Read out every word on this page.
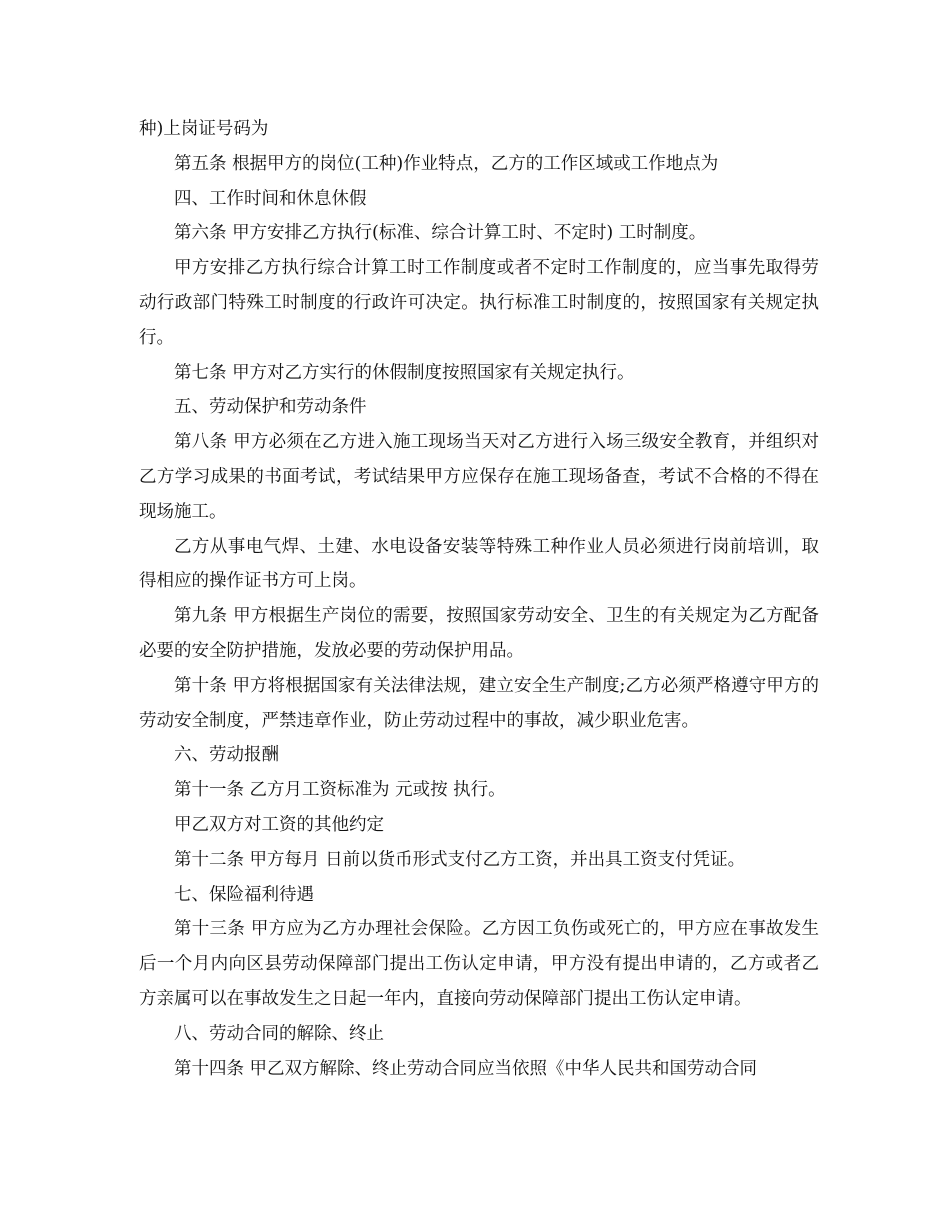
种)上岗证号码为

第五条 根据甲方的岗位(工种)作业特点，乙方的工作区域或工作地点为

四、工作时间和休息休假

第六条 甲方安排乙方执行(标准、综合计算工时、不定时) 工时制度。

甲方安排乙方执行综合计算工时工作制度或者不定时工作制度的，应当事先取得劳动行政部门特殊工时制度的行政许可决定。执行标准工时制度的，按照国家有关规定执行。

第七条 甲方对乙方实行的休假制度按照国家有关规定执行。

五、劳动保护和劳动条件

第八条 甲方必须在乙方进入施工现场当天对乙方进行入场三级安全教育，并组织对乙方学习成果的书面考试，考试结果甲方应保存在施工现场备查，考试不合格的不得在现场施工。

乙方从事电气焊、土建、水电设备安装等特殊工种作业人员必须进行岗前培训，取得相应的操作证书方可上岗。

第九条 甲方根据生产岗位的需要，按照国家劳动安全、卫生的有关规定为乙方配备必要的安全防护措施，发放必要的劳动保护用品。

第十条 甲方将根据国家有关法律法规，建立安全生产制度;乙方必须严格遵守甲方的劳动安全制度，严禁违章作业，防止劳动过程中的事故，减少职业危害。

六、劳动报酬

第十一条 乙方月工资标准为 元或按 执行。

甲乙双方对工资的其他约定

第十二条 甲方每月 日前以货币形式支付乙方工资，并出具工资支付凭证。

七、保险福利待遇

第十三条 甲方应为乙方办理社会保险。乙方因工负伤或死亡的，甲方应在事故发生后一个月内向区县劳动保障部门提出工伤认定申请，甲方没有提出申请的，乙方或者乙方亲属可以在事故发生之日起一年内，直接向劳动保障部门提出工伤认定申请。

八、劳动合同的解除、终止

第十四条 甲乙双方解除、终止劳动合同应当依照《中华人民共和国劳动合同
